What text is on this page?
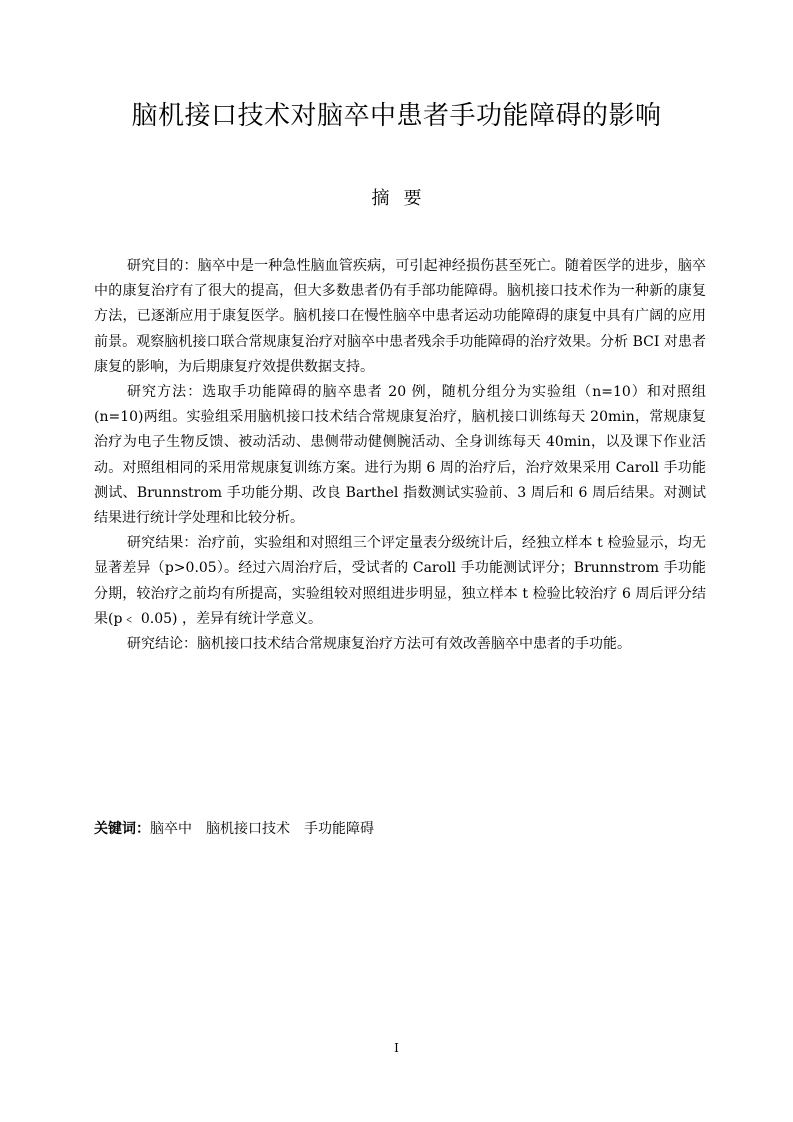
脑机接口技术对脑卒中患者手功能障碍的影响
摘要

研究目的：脑卒中是一种急性脑血管疾病，可引起神经损伤甚至死亡。随着医学的进步，脑卒中的康复治疗有了很大的提高，但大多数患者仍有手部功能障碍。脑机接口技术作为一种新的康复方法，已逐渐应用于康复医学。脑机接口在慢性脑卒中患者运动功能障碍的康复中具有广阔的应用前景。观察脑机接口联合常规康复治疗对脑卒中患者残余手功能障碍的治疗效果。分析 BCI 对患者康复的影响，为后期康复疗效提供数据支持。

研究方法：选取手功能障碍的脑卒患者 20 例，随机分组分为实验组（n=10）和对照组(n=10)两组。实验组采用脑机接口技术结合常规康复治疗，脑机接口训练每天 20min，常规康复治疗为电子生物反馈、被动活动、患侧带动健侧腕活动、全身训练每天 40min，以及课下作业活动。对照组相同的采用常规康复训练方案。进行为期 6 周的治疗后，治疗效果采用 Caroll 手功能测试、Brunnstrom 手功能分期、改良 Barthel 指数测试实验前、3 周后和 6 周后结果。对测试结果进行统计学处理和比较分析。

研究结果：治疗前，实验组和对照组三个评定量表分级统计后，经独立样本 t 检验显示，均无显著差异（p>0.05）。经过六周治疗后，受试者的 Caroll 手功能测试评分；Brunnstrom 手功能分期，较治疗之前均有所提高，实验组较对照组进步明显，独立样本 t 检验比较治疗 6 周后评分结果(p﹤ 0.05) ，差异有统计学意义。

研究结论：脑机接口技术结合常规康复治疗方法可有效改善脑卒中患者的手功能。

关键词：脑卒中 脑机接口技术 手功能障碍
I
